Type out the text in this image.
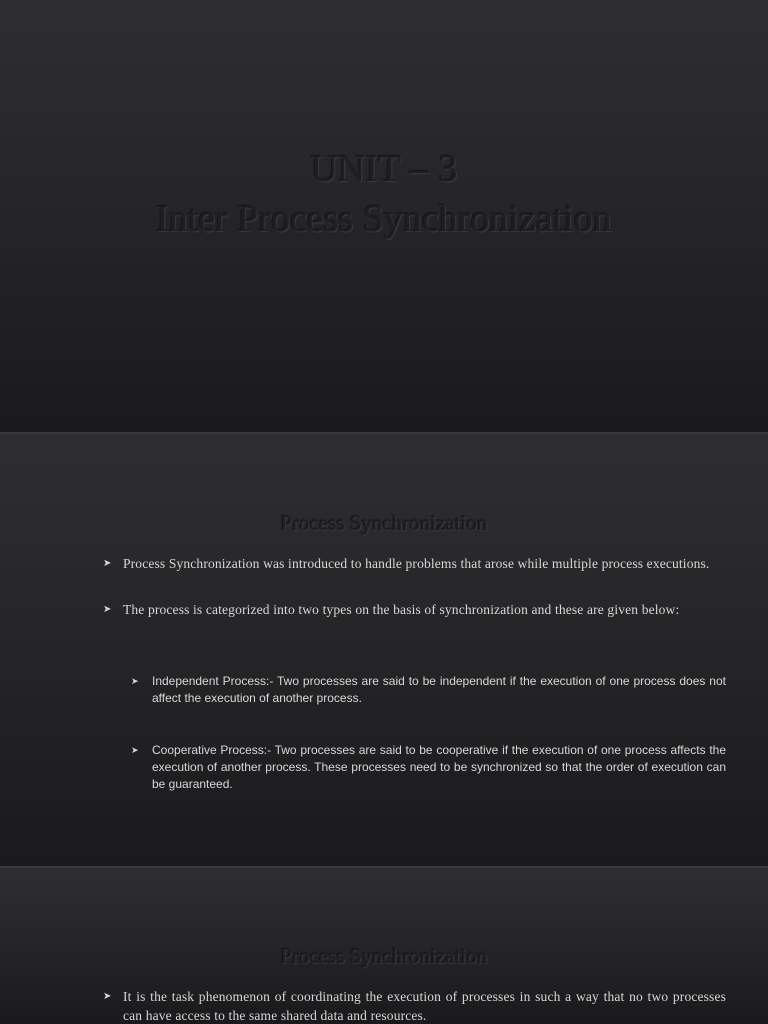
UNIT – 3
Inter Process Synchronization
Process Synchronization
➤ Process Synchronization was introduced to handle problems that arose while multiple process executions.
➤ The process is categorized into two types on the basis of synchronization and these are given below:
➤ Independent Process:- Two processes are said to be independent if the execution of one process does not affect the execution of another process.
➤ Cooperative Process:- Two processes are said to be cooperative if the execution of one process affects the execution of another process. These processes need to be synchronized so that the order of execution can be guaranteed.
Process Synchronization
➤ It is the task phenomenon of coordinating the execution of processes in such a way that no two processes can have access to the same shared data and resources.
